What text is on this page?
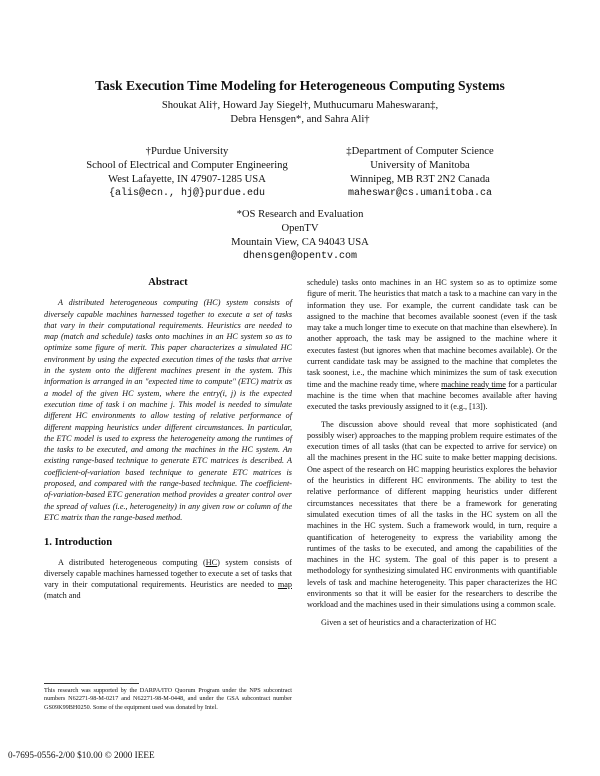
Task Execution Time Modeling for Heterogeneous Computing Systems
Shoukat Ali†, Howard Jay Siegel†, Muthucumaru Maheswaran‡,
Debra Hensgen*, and Sahra Ali†
†Purdue University
School of Electrical and Computer Engineering
West Lafayette, IN 47907-1285 USA
{alis@ecn., hj@}purdue.edu
‡Department of Computer Science
University of Manitoba
Winnipeg, MB R3T 2N2 Canada
maheswar@cs.umanitoba.ca
*OS Research and Evaluation
OpenTV
Mountain View, CA 94043 USA
dhensgen@opentv.com
Abstract

A distributed heterogeneous computing (HC) system consists of diversely capable machines harnessed together to execute a set of tasks that vary in their computational requirements. Heuristics are needed to map (match and schedule) tasks onto machines in an HC system so as to optimize some figure of merit. This paper characterizes a simulated HC environment by using the expected execution times of the tasks that arrive in the system onto the different machines present in the system. This information is arranged in an "expected time to compute" (ETC) matrix as a model of the given HC system, where the entry(i, j) is the expected execution time of task i on machine j. This model is needed to simulate different HC environments to allow testing of relative performance of different mapping heuristics under different circumstances. In particular, the ETC model is used to express the heterogeneity among the runtimes of the tasks to be executed, and among the machines in the HC system. An existing range-based technique to generate ETC matrices is described. A coefficient-of-variation based technique to generate ETC matrices is proposed, and compared with the range-based technique. The coefficient-of-variation-based ETC generation method provides a greater control over the spread of values (i.e., heterogeneity) in any given row or column of the ETC matrix than the range-based method.

1. Introduction

A distributed heterogeneous computing (HC) system consists of diversely capable machines harnessed together to execute a set of tasks that vary in their computational requirements. Heuristics are needed to map (match and

schedule) tasks onto machines in an HC system so as to optimize some figure of merit. The heuristics that match a task to a machine can vary in the information they use. For example, the current candidate task can be assigned to the machine that becomes available soonest (even if the task may take a much longer time to execute on that machine than elsewhere). In another approach, the task may be assigned to the machine where it executes fastest (but ignores when that machine becomes available). Or the current candidate task may be assigned to the machine that completes the task soonest, i.e., the machine which minimizes the sum of task execution time and the machine ready time, where machine ready time for a particular machine is the time when that machine becomes available after having executed the tasks previously assigned to it (e.g., [13]).

The discussion above should reveal that more sophisticated (and possibly wiser) approaches to the mapping problem require estimates of the execution times of all tasks (that can be expected to arrive for service) on all the machines present in the HC suite to make better mapping decisions. One aspect of the research on HC mapping heuristics explores the behavior of the heuristics in different HC environments. The ability to test the relative performance of different mapping heuristics under different circumstances necessitates that there be a framework for generating simulated execution times of all the tasks in the HC system on all the machines in the HC system. Such a framework would, in turn, require a quantification of heterogeneity to express the variability among the runtimes of the tasks to be executed, and among the capabilities of the machines in the HC system. The goal of this paper is to present a methodology for synthesizing simulated HC environments with quantifiable levels of task and machine heterogeneity. This paper characterizes the HC environments so that it will be easier for the researchers to describe the workload and the machines used in their simulations using a common scale.

Given a set of heuristics and a characterization of HC

This research was supported by the DARPA/ITO Quorum Program under the NPS subcontract numbers N62271-98-M-0217 and N62271-98-M-0448, and under the GSA subcontract number GS09K99BH0250. Some of the equipment used was donated by Intel.
0-7695-0556-2/00 $10.00 © 2000 IEEE
